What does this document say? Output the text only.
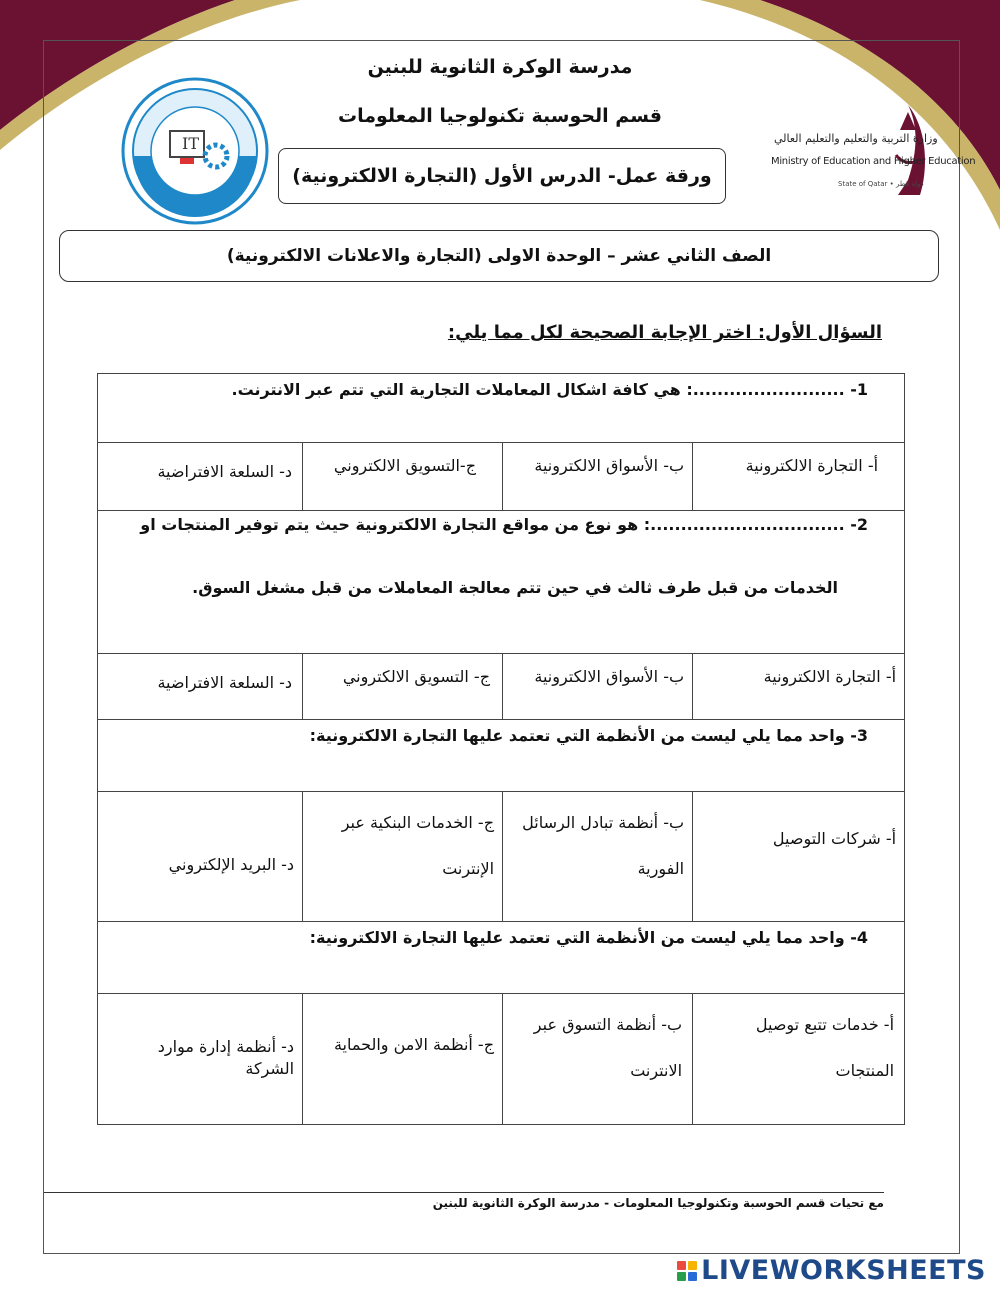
IT	وزارة التربية والتعليم والتعليم العالي
Ministry of Education and Higher Education
State of Qatar • دولة قطر
مدرسة الوكرة الثانوية للبنين
قسم الحوسبة تكنولوجيا المعلومات
ورقة عمل- الدرس الأول (التجارة الالكترونية)
الصف الثاني عشر – الوحدة الاولى (التجارة والاعلانات الالكترونية)
السؤال الأول: اختر الإجابة الصحيحة لكل مما يلي:
1- .........................: هي كافة اشكال المعاملات التجارية التي تتم عبر الانترنت.			
أ- التجارة الالكترونية	ب- الأسواق الالكترونية	ج-التسويق الالكتروني	د- السلعة الافتراضية

2- ................................: هو نوع من مواقع التجارة الالكترونية حيث يتم توفير المنتجات او
الخدمات من قبل طرف ثالث في حين تتم معالجة المعاملات من قبل مشغل السوق.			

أ- التجارة الالكترونية	ب- الأسواق الالكترونية	ج- التسويق الالكتروني	د- السلعة الافتراضية
3- واحد مما يلي ليست من الأنظمة التي تعتمد عليها التجارة الالكترونية:			
أ- شركات التوصيل	ب- أنظمة تبادل الرسائل الفورية	ج- الخدمات البنكية عبر الإنترنت	د- البريد الإلكتروني
4- واحد مما يلي ليست من الأنظمة التي تعتمد عليها التجارة الالكترونية:			
أ- خدمات تتبع توصيل المنتجات	ب- أنظمة التسوق عبر الانترنت	ج- أنظمة الامن والحماية	د- أنظمة إدارة موارد الشركة
مع تحيات قسم الحوسبة وتكنولوجيا المعلومات - مدرسة الوكرة الثانوية للبنين
LIVEWORKSHEETS
